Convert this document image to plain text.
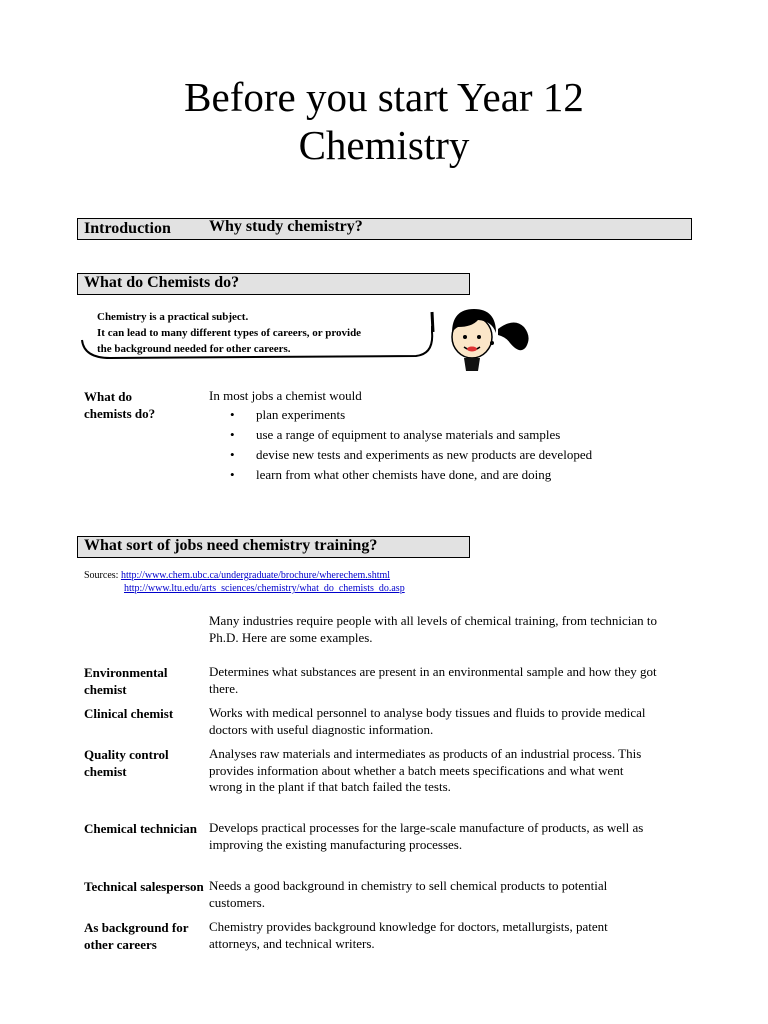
Before you start Year 12
Chemistry
Introduction Why study chemistry?
What do Chemists do?
Chemistry is a practical subject.
It can lead to many different types of careers, or provide
the background needed for other careers.
What do
chemists do?
In most jobs a chemist would
• plan experiments
• use a range of equipment to analyse materials and samples
• devise new tests and experiments as new products are developed
• learn from what other chemists have done, and are doing
What sort of jobs need chemistry training?
Sources: http://www.chem.ubc.ca/undergraduate/brochure/wherechem.shtml
http://www.ltu.edu/arts_sciences/chemistry/what_do_chemists_do.asp
Many industries require people with all levels of chemical training, from technician to Ph.D. Here are some examples.
Environmental chemist
Determines what substances are present in an environmental sample and how they got there.
Clinical chemist	Works with medical personnel to analyse body tissues and fluids to provide medical doctors with useful diagnostic information.
Quality control chemist
Analyses raw materials and intermediates as products of an industrial process. This provides information about whether a batch meets specifications and what went wrong in the plant if that batch failed the tests.
Chemical technician Develops practical processes for the large-scale manufacture of products, as well as improving the existing manufacturing processes.
Technical salesperson Needs a good background in chemistry to sell chemical products to potential customers.
As background for other careers
Chemistry provides background knowledge for doctors, metallurgists, patent attorneys, and technical writers.
